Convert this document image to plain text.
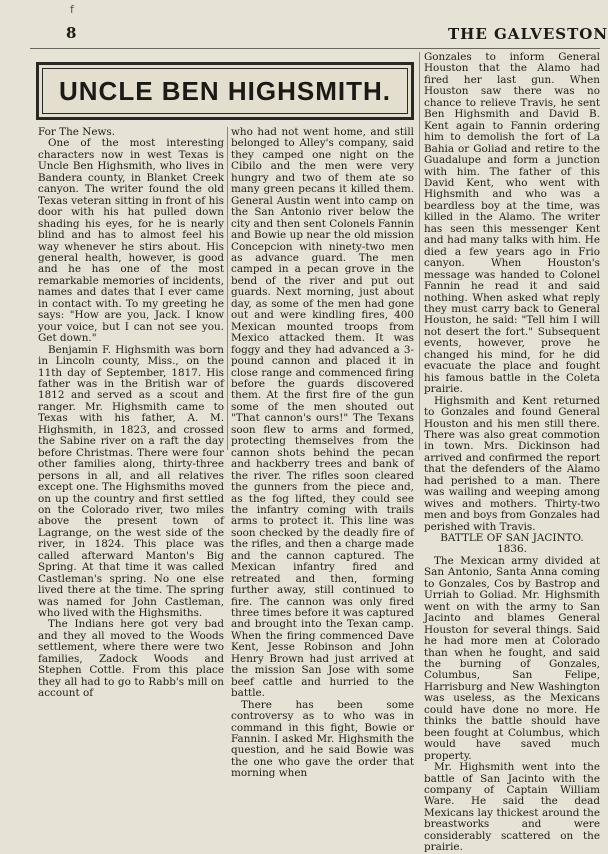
f
8	THE GALVESTON
UNCLE BEN HIGHSMITH.

For The News.

One of the most interesting characters now in west Texas is Uncle Ben Highsmith, who lives in Bandera county, in Blanket Creek canyon. The writer found the old Texas veteran sitting in front of his door with his hat pulled down shading his eyes, for he is nearly blind and has to almost feel his way whenever he stirs about. His general health, however, is good and he has one of the most remarkable memories of incidents, names and dates that I ever came in contact with. To my greeting he says: "How are you, Jack. I know your voice, but I can not see you. Get down."

Benjamin F. Highsmith was born in Lincoln county, Miss., on the 11th day of September, 1817. His father was in the British war of 1812 and served as a scout and ranger. Mr. Highsmith came to Texas with his father, A. M. Highsmith, in 1823, and crossed the Sabine river on a raft the day before Christmas. There were four other families along, thirty-three persons in all, and all relatives except one. The Highsmiths moved on up the country and first settled on the Colorado river, two miles above the present town of Lagrange, on the west side of the river, in 1824. This place was called afterward Manton's Big Spring. At that time it was called Castleman's spring. No one else lived there at the time. The spring was named for John Castleman, who lived with the Highsmiths.

The Indians here got very bad and they all moved to the Woods settlement, where there were two families, Zadock Woods and Stephen Cottle. From this place they all had to go to Rabb's mill on account of

who had not went home, and still belonged to Alley's company, said they camped one night on the Cibilo and the men were very hungry and two of them ate so many green pecans it killed them. General Austin went into camp on the San Antonio river below the city and then sent Colonels Fannin and Bowie up near the old mission Concepcion with ninety-two men as advance guard. The men camped in a pecan grove in the bend of the river and put out guards. Next morning, just about day, as some of the men had gone out and were kindling fires, 400 Mexican mounted troops from Mexico attacked them. It was foggy and they had advanced a 3-pound cannon and placed it in close range and commenced firing before the guards discovered them. At the first fire of the gun some of the men shouted out "That cannon's ours!" The Texans soon flew to arms and formed, protecting themselves from the cannon shots behind the pecan and hackberry trees and bank of the river. The rifles soon cleared the gunners from the piece and, as the fog lifted, they could see the infantry coming with trails arms to protect it. This line was soon checked by the deadly fire of the rifles, and then a charge made and the cannon captured. The Mexican infantry fired and retreated and then, forming further away, still continued to fire. The cannon was only fired three times before it was captured and brought into the Texan camp. When the firing commenced Dave Kent, Jesse Robinson and John Henry Brown had just arrived at the mission San Jose with some beef cattle and hurried to the battle.

There has been some controversy as to who was in command in this fight, Bowie or Fannin. I asked Mr. Highsmith the question, and he said Bowie was the one who gave the order that morning when

Gonzales to inform General Houston that the Alamo had fired her last gun. When Houston saw there was no chance to relieve Travis, he sent Ben Highsmith and David B. Kent again to Fannin ordering him to demolish the fort of La Bahia or Goliad and retire to the Guadalupe and form a junction with him. The father of this David Kent, who went with Highsmith and who was a beardless boy at the time, was killed in the Alamo. The writer has seen this messenger Kent and had many talks with him. He died a few years ago in Frio canyon. When Houston's message was handed to Colonel Fannin he read it and said nothing. When asked what reply they must carry back to General Houston, he said: "Tell him I will not desert the fort." Subsequent events, however, prove he changed his mind, for he did evacuate the place and fought his famous battle in the Coleta prairie.

Highsmith and Kent returned to Gonzales and found General Houston and his men still there. There was also great commotion in town. Mrs. Dickinson had arrived and confirmed the report that the defenders of the Alamo had perished to a man. There was wailing and weeping among wives and mothers. Thirty-two men and boys from Gonzales had perished with Travis.

BATTLE OF SAN JACINTO.

1836.

The Mexican army divided at San Antonio, Santa Anna coming to Gonzales, Cos by Bastrop and Urriah to Goliad. Mr. Highsmith went on with the army to San Jacinto and blames General Houston for several things. Said he had more men at Colorado than when he fought, and said the burning of Gonzales, Columbus, San Felipe, Harrisburg and New Washington was useless, as the Mexicans could have done no more. He thinks the battle should have been fought at Columbus, which would have saved much property.

Mr. Highsmith went into the battle of San Jacinto with the company of Captain William Ware. He said the dead Mexicans lay thickest around the breastworks and were considerably scattered on the prairie.
